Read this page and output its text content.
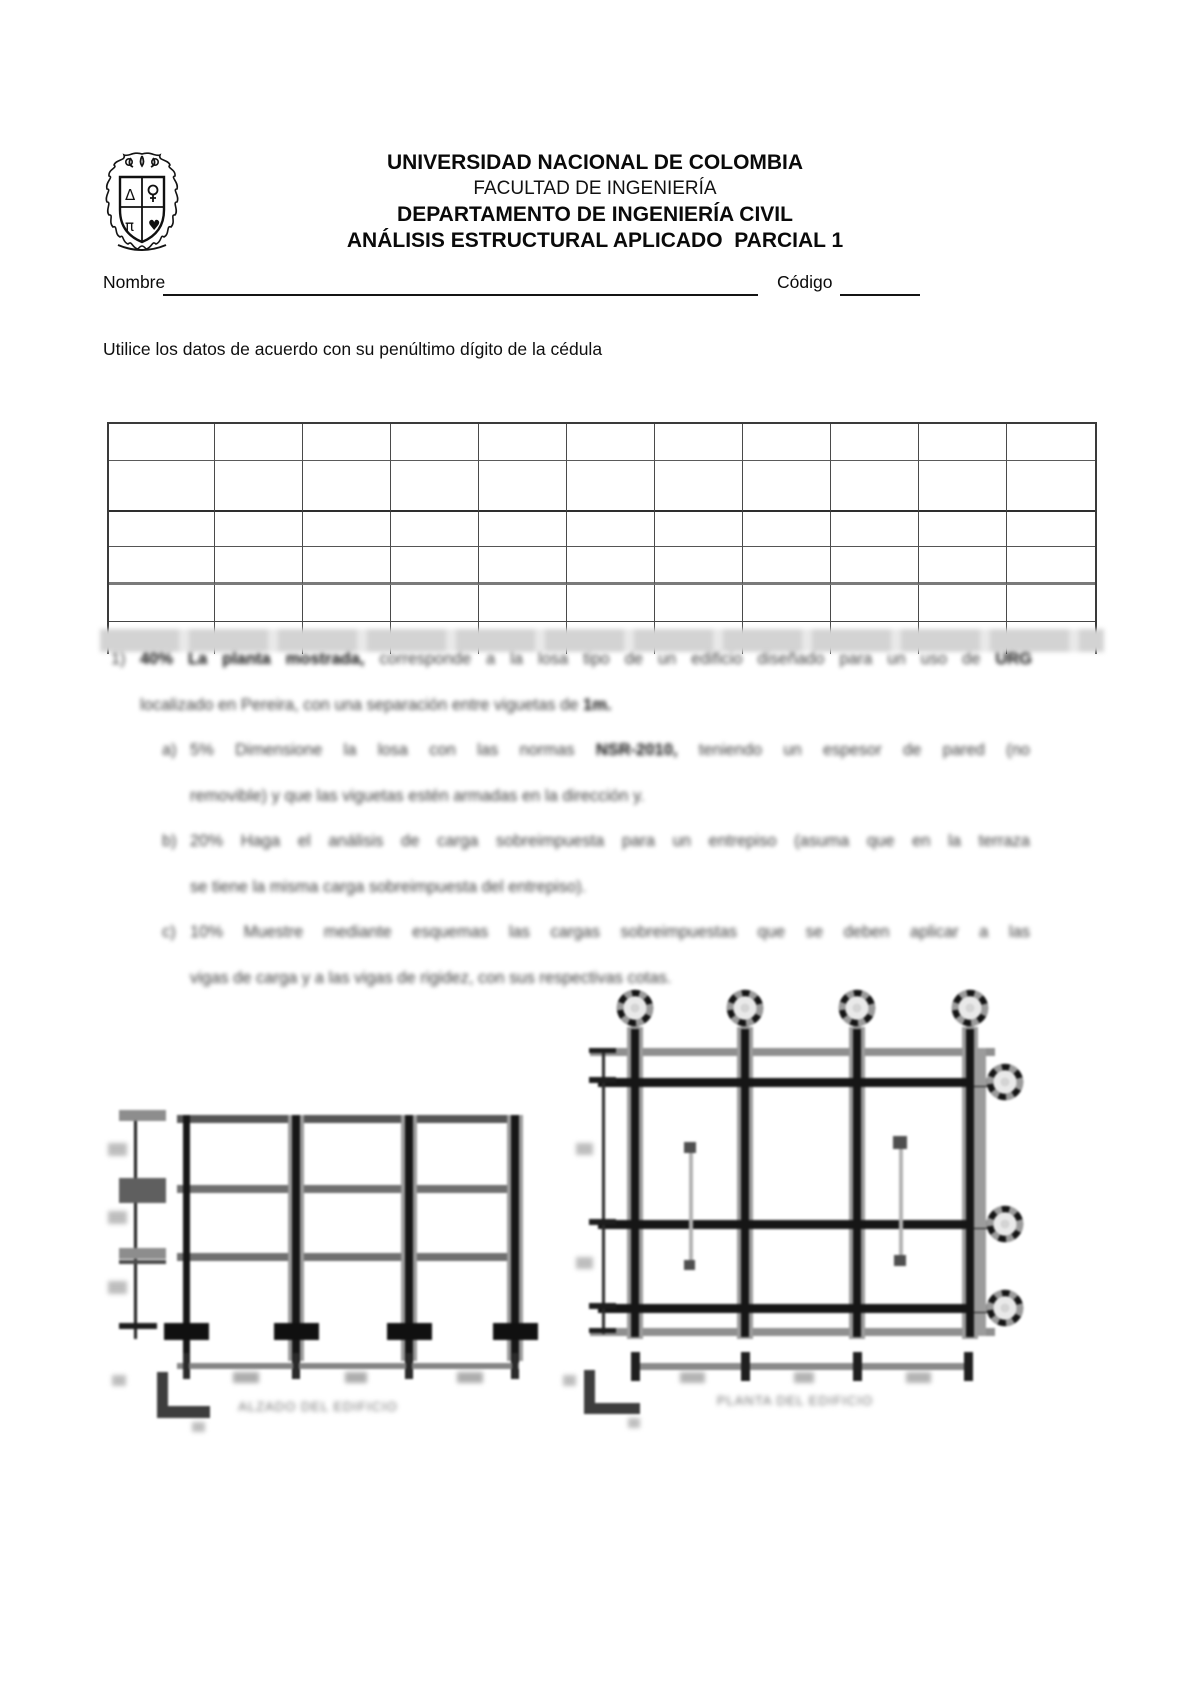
Δ
π ♥
UNIVERSIDAD NACIONAL DE COLOMBIA
FACULTAD DE INGENIERÍA
DEPARTAMENTO DE INGENIERÍA CIVIL
ANÁLISIS ESTRUCTURAL APLICADO  PARCIAL 1
Nombre	Código
Utilice los datos de acuerdo con su penúltimo dígito de la cédula
1) 40% La planta mostrada, corresponde a la losa tipo de un edificio diseñado para un uso de URG
localizado en Pereira, con una separación entre viguetas de 1m.
a) 5% Dimensione la losa con las normas NSR-2010, teniendo un espesor de pared (no
removible) y que las viguetas estén armadas en la dirección y.
b) 20% Haga el análisis de carga sobreimpuesta para un entrepiso (asuma que en la terraza
se tiene la misma carga sobreimpuesta del entrepiso).
c) 10% Muestre mediante esquemas las cargas sobreimpuestas que se deben aplicar a las
vigas de carga y a las vigas de rigidez, con sus respectivas cotas.
ALZADO DEL EDIFICIO	PLANTA DEL EDIFICIO
